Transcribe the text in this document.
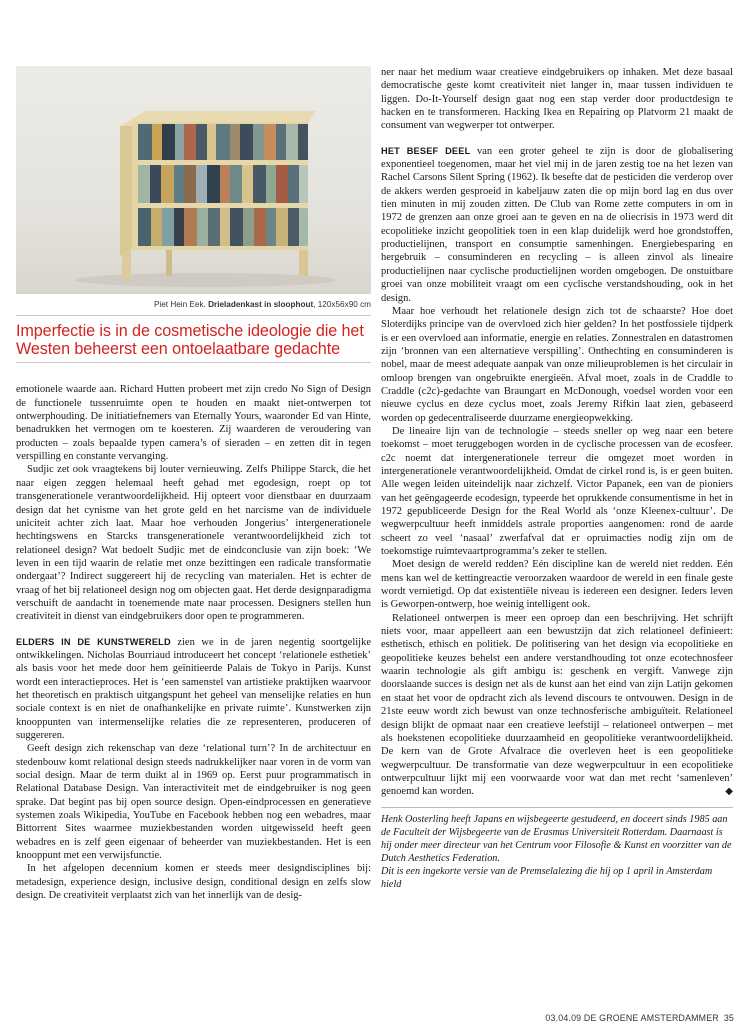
Piet Hein Eek. Drieladenkast in sloophout, 120x56x90 cm
Imperfectie is in de cosmetische ideologie die het Westen beheerst een ontoelaatbare gedachte

emotionele waarde aan. Richard Hutten probeert met zijn credo No Sign of Design de functionele tussenruimte open te houden en maakt niet-ontwerpen tot ontwerphouding. De initiatiefnemers van Eternally Yours, waaronder Ed van Hinte, benadrukken het vermogen om te koesteren. Zij waarderen de veroudering van producten – zoals bepaalde typen camera’s of sieraden – en zetten dit in tegen verspilling en constante vervanging.

Sudjic zet ook vraagtekens bij louter vernieuwing. Zelfs Philippe Starck, die het naar eigen zeggen helemaal heeft gehad met egodesign, roept op tot transgenerationele verantwoordelijkheid. Hij opteert voor dienstbaar en duurzaam design dat het cynisme van het grote geld en het narcisme van de individuele uniciteit achter zich laat. Maar hoe verhouden Jongerius’ intergenerationele hechtingswens en Starcks transgenerationele verantwoordelijkheid zich tot relationeel design? Wat bedoelt Sudjic met de eindconclusie van zijn boek: ‘We leven in een tijd waarin de relatie met onze bezittingen een radicale transformatie ondergaat’? Indirect suggereert hij de recycling van materialen. Het is echter de vraag of het bij relationeel design nog om objecten gaat. Het derde designparadigma verschuift de aandacht in toenemende mate naar processen. Designers stellen hun creativiteit in dienst van eindgebruikers door open te programmeren.

ELDERS IN DE KUNSTWERELD zien we in de jaren negentig soortgelijke ontwikkelingen. Nicholas Bourriaud introduceert het concept ‘relationele esthetiek’ als basis voor het mede door hem geïnitieerde Palais de Tokyo in Parijs. Kunst wordt een interactieproces. Het is ‘een samenstel van artistieke praktijken waarvoor het theoretisch en praktisch uitgangspunt het geheel van menselijke relaties en hun sociale context is en niet de onafhankelijke en private ruimte’. Kunstwerken zijn knooppunten van intermenselijke relaties die ze representeren, produceren of suggereren.

Geeft design zich rekenschap van deze ‘relational turn’? In de architectuur en stedenbouw komt relational design steeds nadrukkelijker naar voren in de vorm van social design. Maar de term duikt al in 1969 op. Eerst puur programmatisch in Relational Database Design. Van interactiviteit met de eindgebruiker is nog geen sprake. Dat begint pas bij open source design. Open-eindprocessen en generatieve systemen zoals Wikipedia, YouTube en Facebook hebben nog een webadres, maar Bittorrent Sites waarmee muziekbestanden worden uitgewisseld heeft geen webadres en is zelf geen eigenaar of beheerder van muziekbestanden. Het is een knooppunt met een verwijsfunctie.

In het afgelopen decennium komen er steeds meer designdisciplines bij: metadesign, experience design, inclusive design, conditional design en zelfs slow design. De creativiteit verplaatst zich van het innerlijk van de desig-

ner naar het medium waar creatieve eindgebruikers op inhaken. Met deze basaal democratische geste komt creativiteit niet langer in, maar tussen individuen te liggen. Do-It-Yourself design gaat nog een stap verder door productdesign te hacken en te transformeren. Hacking Ikea en Repairing op Platvorm 21 maakt de consument van wegwerper tot ontwerper.

HET BESEF DEEL van een groter geheel te zijn is door de globalisering exponentieel toegenomen, maar het viel mij in de jaren zestig toe na het lezen van Rachel Carsons Silent Spring (1962). Ik besefte dat de pesticiden die verderop over de akkers werden gesproeid in kabeljauw zaten die op mijn bord lag en dus over tien minuten in mij zouden zitten. De Club van Rome zette computers in om in 1972 de grenzen aan onze groei aan te geven en na de oliecrisis in 1973 werd dit ecopolitieke inzicht geopolitiek toen in een klap duidelijk werd hoe grondstoffen, productielijnen, transport en consumptie samenhingen. Energiebesparing en hergebruik – consuminderen en recycling – is alleen zinvol als lineaire productielijnen naar cyclische productielijnen worden omgebogen. De onstuitbare groei van onze mobiliteit vraagt om een cyclische verstandshouding, ook in het design.

Maar hoe verhoudt het relationele design zich tot de schaarste? Hoe doet Sloterdijks principe van de overvloed zich hier gelden? In het postfossiele tijdperk is er een overvloed aan informatie, energie en relaties. Zonnestralen en datastromen zijn ‘bronnen van een alternatieve verspilling’. Onthechting en consuminderen is nobel, maar de meest adequate aanpak van onze milieuproblemen is het circulair in omloop brengen van ongebruikte energieën. Afval moet, zoals in de Craddle to Craddle (c2c)-gedachte van Braungart en McDonough, voedsel worden voor een nieuwe cyclus en deze cyclus moet, zoals Jeremy Rifkin laat zien, gebaseerd worden op gedecentraliseerde duurzame energieopwekking.

De lineaire lijn van de technologie – steeds sneller op weg naar een betere toekomst – moet teruggebogen worden in de cyclische processen van de ecosfeer. c2c noemt dat intergenerationele terreur die omgezet moet worden in intergenerationele verantwoordelijkheid. Omdat de cirkel rond is, is er geen buiten. Alle wegen leiden uiteindelijk naar zichzelf. Victor Papanek, een van de pioniers van het geëngageerde ecodesign, typeerde het oprukkende consumentisme in het in 1972 gepubliceerde Design for the Real World als ‘onze Kleenex-cultuur’. De wegwerpcultuur heeft inmiddels astrale proporties aangenomen: rond de aarde scheert zo veel ‘nasaal’ zwerfafval dat er opruimacties nodig zijn om de toekomstige ruimtevaartprogramma’s zeker te stellen.

Moet design de wereld redden? Eén discipline kan de wereld niet redden. Eén mens kan wel de kettingreactie veroorzaken waardoor de wereld in een finale geste wordt vernietigd. Op dat existentiële niveau is iedereen een designer. Ieders leven is Geworpen-ontwerp, hoe weinig intelligent ook.

Relationeel ontwerpen is meer een oproep dan een beschrijving. Het schrijft niets voor, maar appelleert aan een bewustzijn dat zich relationeel definieert: esthetisch, ethisch en politiek. De politisering van het design via ecopolitieke en geopolitieke keuzes behelst een andere verstandhouding tot onze ecotechnosfeer waarin technologie als gift ambigu is: geschenk en vergift. Vanwege zijn doorslaande succes is design net als de kunst aan het eind van zijn Latijn gekomen en staat het voor de opdracht zich als levend discours te ontvouwen. Design in de 21ste eeuw wordt zich bewust van onze technosferische ambiguïteit. Relationeel design blijkt de opmaat naar een creatieve leefstijl – relationeel ontwerpen – met als hoekstenen ecopolitieke duurzaamheid en geopolitieke verantwoordelijkheid. De kern van de Grote Afvalrace die overleven heet is een geopolitieke wegwerpcultuur. De transformatie van deze wegwerpcultuur in een ecopolitieke ontwerpcultuur lijkt mij een voorwaarde voor wat dan met recht ‘samenleven’ genoemd kan worden.	◆

Henk Oosterling heeft Japans en wijsbegeerte gestudeerd, en doceert sinds 1985 aan de Faculteit der Wijsbegeerte van de Erasmus Universiteit Rotterdam. Daarnaast is hij onder meer directeur van het Centrum voor Filosofie & Kunst en voorzitter van de Dutch Aesthetics Federation.
Dit is een ingekorte versie van de Premselalezing die hij op 1 april in Amsterdam hield
03.04.09 DE GROENE AMSTERDAMMER 35
